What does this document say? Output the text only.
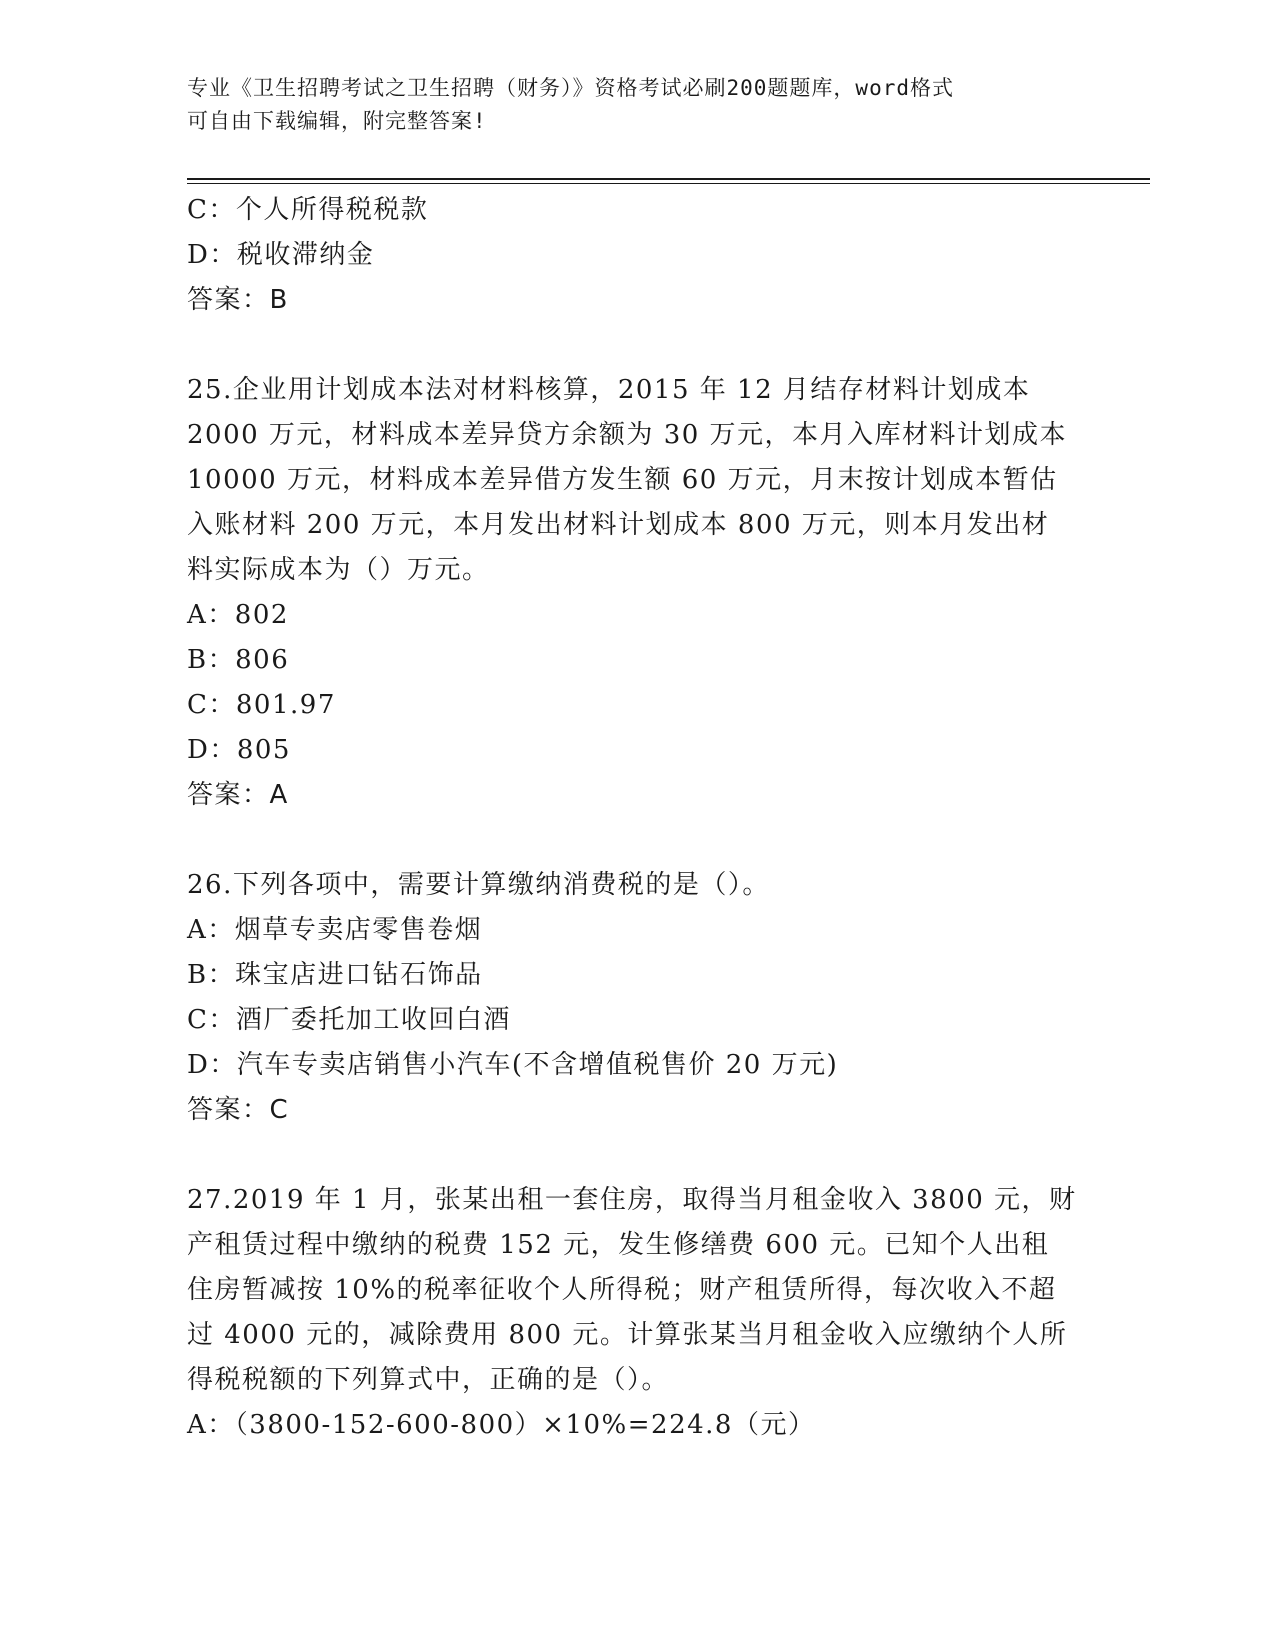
专业《卫生招聘考试之卫生招聘（财务）》资格考试必刷200题题库，word格式
可自由下载编辑，附完整答案!
C：个人所得税税款
D：税收滞纳金
答案：B
25.企业用计划成本法对材料核算，2015 年 12 月结存材料计划成本
2000 万元，材料成本差异贷方余额为 30 万元，本月入库材料计划成本
10000 万元，材料成本差异借方发生额 60 万元，月末按计划成本暂估
入账材料 200 万元，本月发出材料计划成本 800 万元，则本月发出材
料实际成本为（）万元。
A：802
B：806
C：801.97
D：805
答案：A
26.下列各项中，需要计算缴纳消费税的是（）。
A：烟草专卖店零售卷烟
B：珠宝店进口钻石饰品
C：酒厂委托加工收回白酒
D：汽车专卖店销售小汽车(不含增值税售价 20 万元)
答案：C
27.2019 年 1 月，张某出租一套住房，取得当月租金收入 3800 元，财
产租赁过程中缴纳的税费 152 元，发生修缮费 600 元。已知个人出租
住房暂减按 10%的税率征收个人所得税；财产租赁所得，每次收入不超
过 4000 元的，减除费用 800 元。计算张某当月租金收入应缴纳个人所
得税税额的下列算式中，正确的是（）。
A：（3800-152-600-800）×10%=224.8（元）
